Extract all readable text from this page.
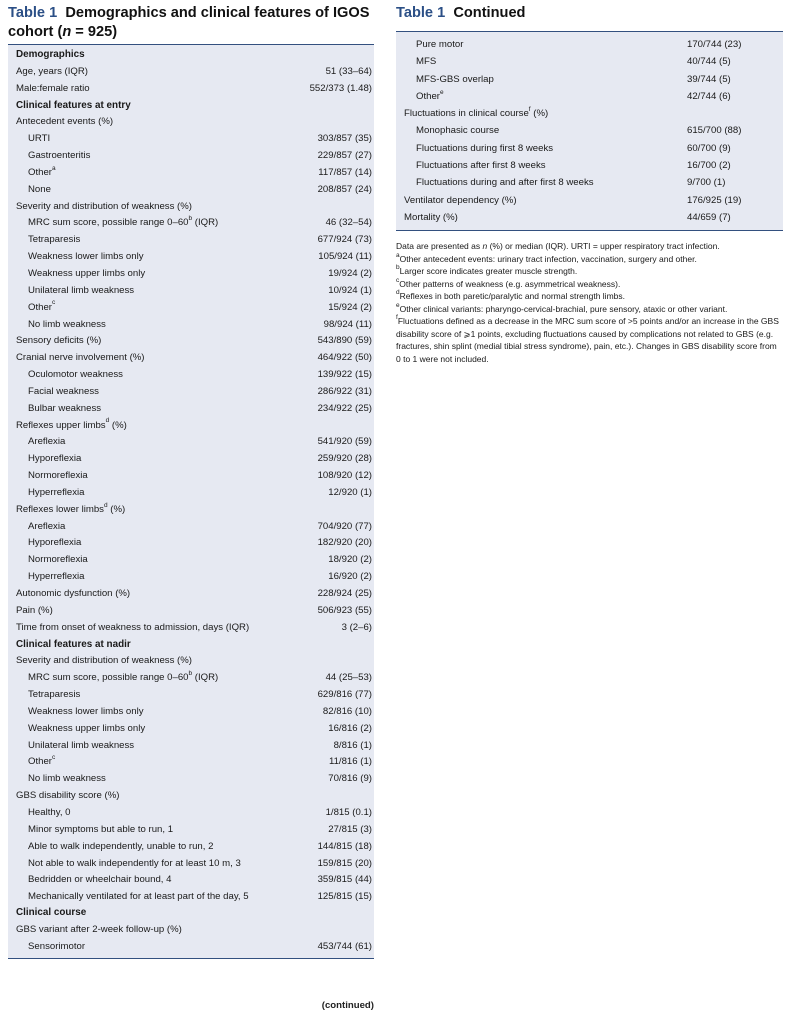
Table 1 Demographics and clinical features of IGOS cohort (n = 925)
Demographics
Age, years (IQR)	51 (33–64)
Male:female ratio	552/373 (1.48)
Clinical features at entry
Antecedent events (%)
URTI	303/857 (35)
Gastroenteritis	229/857 (27)
Other$^a$	117/857 (14)
None	208/857 (24)
Severity and distribution of weakness (%)
MRC sum score, possible range 0–60$^b$ (IQR)	46 (32–54)
Tetraparesis	677/924 (73)
Weakness lower limbs only	105/924 (11)
Weakness upper limbs only	19/924 (2)
Unilateral limb weakness	10/924 (1)
Other$^c$	15/924 (2)
No limb weakness	98/924 (11)
Sensory deficits (%)	543/890 (59)
Cranial nerve involvement (%)	464/922 (50)
Oculomotor weakness	139/922 (15)
Facial weakness	286/922 (31)
Bulbar weakness	234/922 (25)
Reflexes upper limbs$^d$ (%)
Areflexia	541/920 (59)
Hyporeflexia	259/920 (28)
Normoreflexia	108/920 (12)
Hyperreflexia	12/920 (1)
Reflexes lower limbs$^d$ (%)
Areflexia	704/920 (77)
Hyporeflexia	182/920 (20)
Normoreflexia	18/920 (2)
Hyperreflexia	16/920 (2)
Autonomic dysfunction (%)	228/924 (25)
Pain (%)	506/923 (55)
Time from onset of weakness to admission, days (IQR)	3 (2–6)
Clinical features at nadir
Severity and distribution of weakness (%)
MRC sum score, possible range 0–60$^b$ (IQR)	44 (25–53)
Tetraparesis	629/816 (77)
Weakness lower limbs only	82/816 (10)
Weakness upper limbs only	16/816 (2)
Unilateral limb weakness	8/816 (1)
Other$^c$	11/816 (1)
No limb weakness	70/816 (9)
GBS disability score (%)
Healthy, 0	1/815 (0.1)
Minor symptoms but able to run, 1	27/815 (3)
Able to walk independently, unable to run, 2	144/815 (18)
Not able to walk independently for at least 10 m, 3	159/815 (20)
Bedridden or wheelchair bound, 4	359/815 (44)
Mechanically ventilated for at least part of the day, 5	125/815 (15)
Clinical course
GBS variant after 2-week follow-up (%)
Sensorimotor	453/744 (61)
(continued)
Table 1 Continued
Pure motor	170/744 (23)
MFS	40/744 (5)
MFS-GBS overlap	39/744 (5)
Other$^e$	42/744 (6)
Fluctuations in clinical course$^f$ (%)
Monophasic course	615/700 (88)
Fluctuations during first 8 weeks	60/700 (9)
Fluctuations after first 8 weeks	16/700 (2)
Fluctuations during and after first 8 weeks	9/700 (1)
Ventilator dependency (%)	176/925 (19)
Mortality (%)	44/659 (7)

Data are presented as n (%) or median (IQR). URTI = upper respiratory tract infection.

$^a$Other antecedent events: urinary tract infection, vaccination, surgery and other.

$^b$Larger score indicates greater muscle strength.

$^c$Other patterns of weakness (e.g. asymmetrical weakness).

$^d$Reflexes in both paretic/paralytic and normal strength limbs.

$^e$Other clinical variants: pharyngo-cervical-brachial, pure sensory, ataxic or other variant.

$^f$Fluctuations defined as a decrease in the MRC sum score of >5 points and/or an increase in the GBS disability score of ⩾1 points, excluding fluctuations caused by complications not related to GBS (e.g. fractures, shin splint (medial tibial stress syndrome), pain, etc.). Changes in GBS disability score from 0 to 1 were not included.
